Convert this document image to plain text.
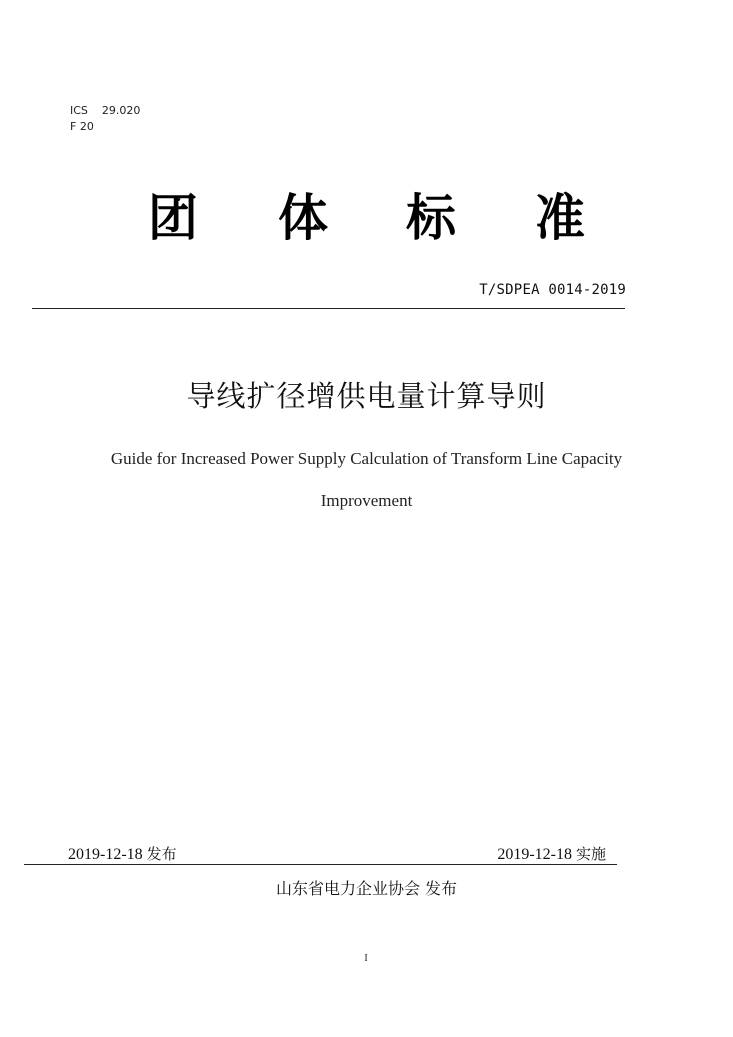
ICS 29.020
F 20
团 体 标 准
T/SDPEA 0014-2019
导线扩径增供电量计算导则
Guide for Increased Power Supply Calculation of Transform Line Capacity
Improvement
2019-12-18 发布	2019-12-18 实施
山东省电力企业协会 发布
I
